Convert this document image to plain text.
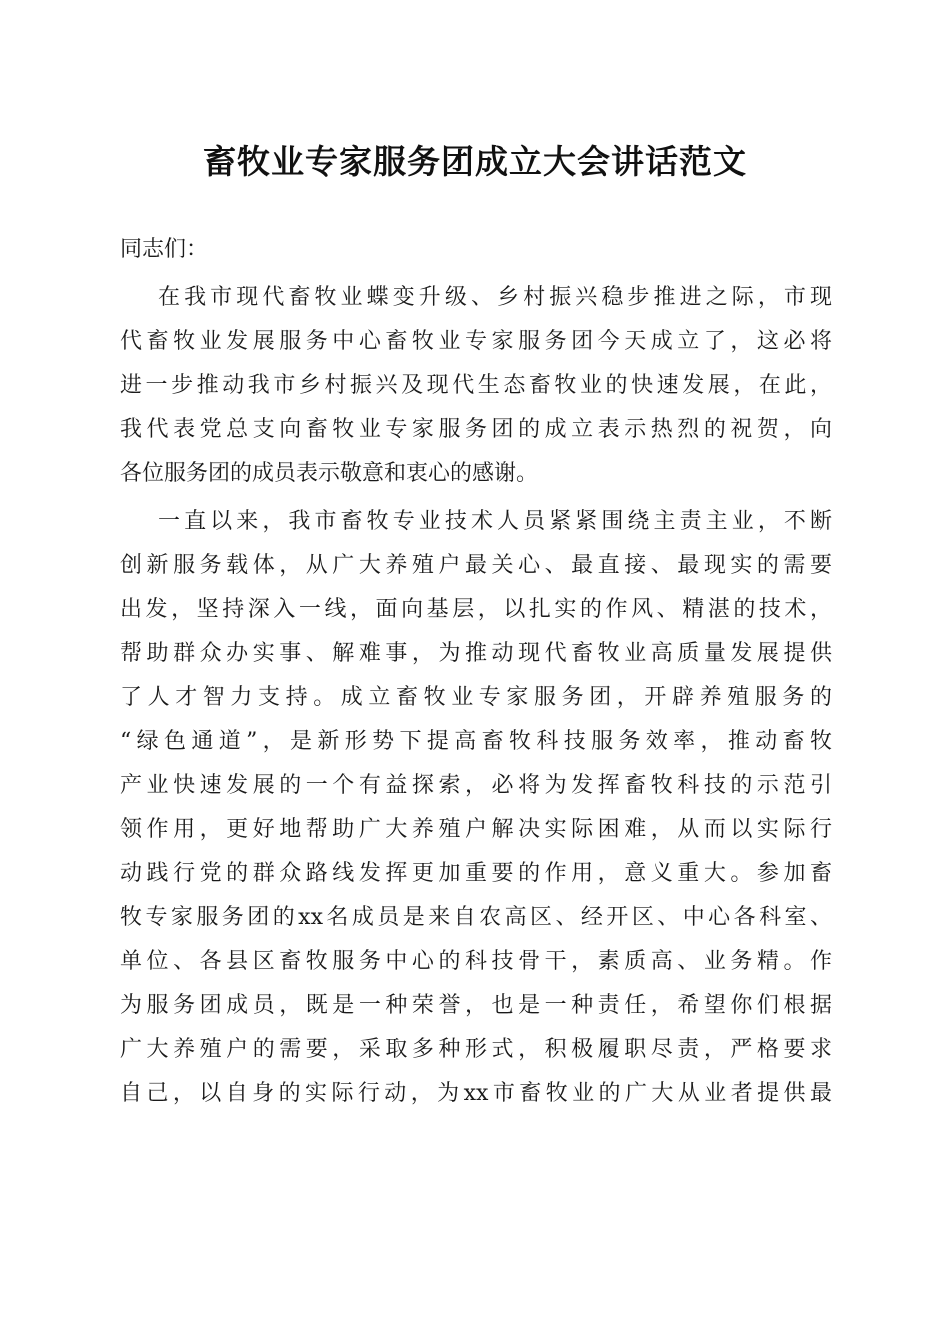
畜牧业专家服务团成立大会讲话范文
同志们：
在我市现代畜牧业蝶变升级、乡村振兴稳步推进之际，市现
代畜牧业发展服务中心畜牧业专家服务团今天成立了，这必将
进一步推动我市乡村振兴及现代生态畜牧业的快速发展，在此，
我代表党总支向畜牧业专家服务团的成立表示热烈的祝贺，向
各位服务团的成员表示敬意和衷心的感谢。
一直以来，我市畜牧专业技术人员紧紧围绕主责主业，不断
创新服务载体，从广大养殖户最关心、最直接、最现实的需要
出发，坚持深入一线，面向基层，以扎实的作风、精湛的技术，
帮助群众办实事、解难事，为推动现代畜牧业高质量发展提供
了人才智力支持。成立畜牧业专家服务团，开辟养殖服务的
“绿色通道”，是新形势下提高畜牧科技服务效率，推动畜牧
产业快速发展的一个有益探索，必将为发挥畜牧科技的示范引
领作用，更好地帮助广大养殖户解决实际困难，从而以实际行
动践行党的群众路线发挥更加重要的作用，意义重大。参加畜
牧专家服务团的xx名成员是来自农高区、经开区、中心各科室、
单位、各县区畜牧服务中心的科技骨干，素质高、业务精。作
为服务团成员，既是一种荣誉，也是一种责任，希望你们根据
广大养殖户的需要，采取多种形式，积极履职尽责，严格要求
自己，以自身的实际行动，为xx市畜牧业的广大从业者提供最
